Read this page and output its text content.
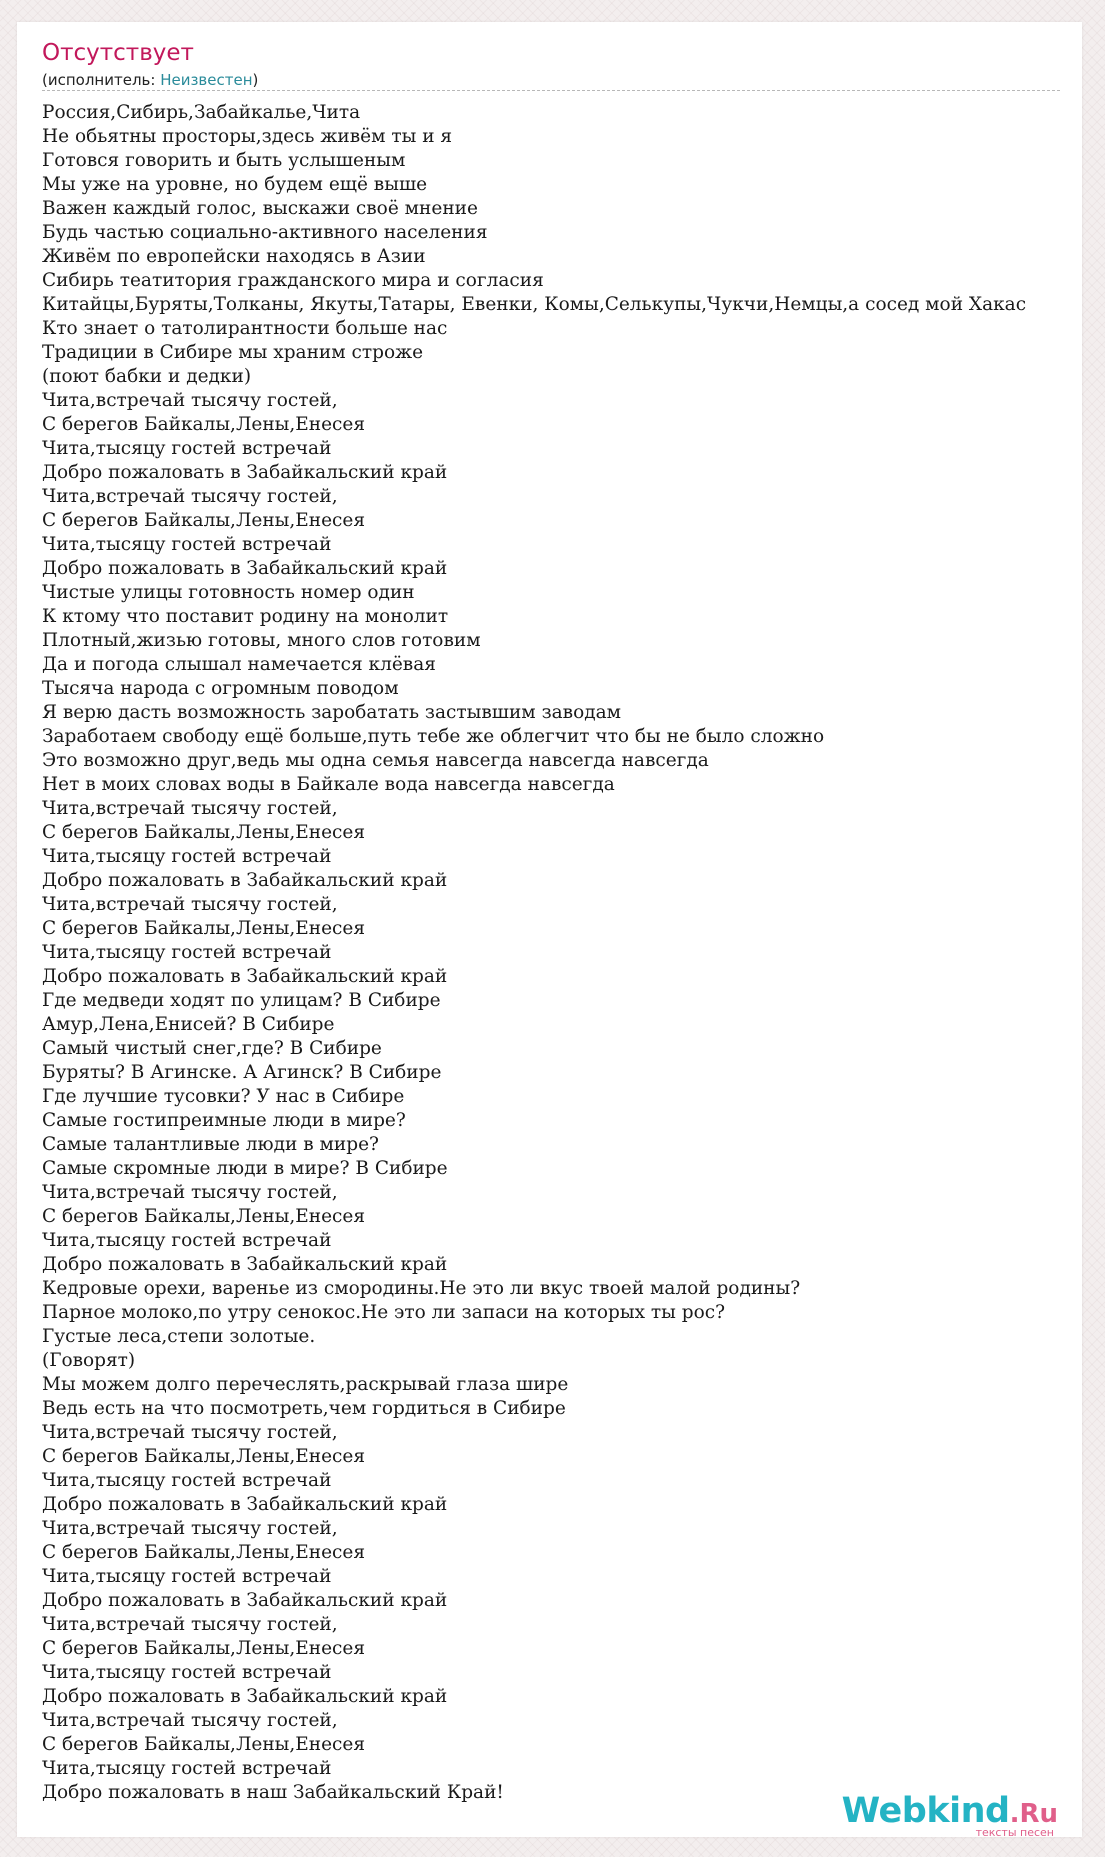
Отсутствует
(исполнитель: Неизвестен)
Россия,Сибирь,Забайкалье,Чита
Не обьятны просторы,здесь живём ты и я
Готовся говорить и быть услышеным
Мы уже на уровне, но будем ещё выше
Важен каждый голос, выскажи своё мнение
Будь частью социально-активного населения
Живём по европейски находясь в Азии
Сибирь театитория гражданского мира и согласия
Китайцы,Буряты,Толканы, Якуты,Татары, Евенки, Комы,Селькупы,Чукчи,Немцы,а сосед мой Хакас
Кто знает о татолирантности больше нас
Традиции в Сибире мы храним строже
(поют бабки и дедки)
Чита,встречай тысячу гостей,
С берегов Байкалы,Лены,Енесея
Чита,тысяцу гостей встречай
Добро пожаловать в Забайкальский край
Чита,встречай тысячу гостей,
С берегов Байкалы,Лены,Енесея
Чита,тысяцу гостей встречай
Добро пожаловать в Забайкальский край
Чистые улицы готовность номер один
К ктому что поставит родину на монолит
Плотный,жизью готовы, много слов готовим
Да и погода слышал намечается клёвая
Тысяча народа с огромным поводом
Я верю дасть возможность заробатать застывшим заводам
Заработаем свободу ещё больше,путь тебе же облегчит что бы не было сложно
Это возможно друг,ведь мы одна семья навсегда навсегда навсегда
Нет в моих словах воды в Байкале вода навсегда навсегда
Чита,встречай тысячу гостей,
С берегов Байкалы,Лены,Енесея
Чита,тысяцу гостей встречай
Добро пожаловать в Забайкальский край
Чита,встречай тысячу гостей,
С берегов Байкалы,Лены,Енесея
Чита,тысяцу гостей встречай
Добро пожаловать в Забайкальский край
Где медведи ходят по улицам? В Сибире
Амур,Лена,Енисей? В Сибире
Самый чистый снег,где? В Сибире
Буряты? В Агинске. А Агинск? В Сибире
Где лучшие тусовки? У нас в Сибире
Самые гостипреимные люди в мире?
Самые талантливые люди в мире?
Самые скромные люди в мире? В Сибире
Чита,встречай тысячу гостей,
С берегов Байкалы,Лены,Енесея
Чита,тысяцу гостей встречай
Добро пожаловать в Забайкальский край
Кедровые орехи, варенье из смородины.Не это ли вкус твоей малой родины?
Парное молоко,по утру сенокос.Не это ли запаси на которых ты рос?
Густые леса,степи золотые.
(Говорят)
Мы можем долго перечеслять,раскрывай глаза шире
Ведь есть на что посмотреть,чем гордиться в Сибире
Чита,встречай тысячу гостей,
С берегов Байкалы,Лены,Енесея
Чита,тысяцу гостей встречай
Добро пожаловать в Забайкальский край
Чита,встречай тысячу гостей,
С берегов Байкалы,Лены,Енесея
Чита,тысяцу гостей встречай
Добро пожаловать в Забайкальский край
Чита,встречай тысячу гостей,
С берегов Байкалы,Лены,Енесея
Чита,тысяцу гостей встречай
Добро пожаловать в Забайкальский край
Чита,встречай тысячу гостей,
С берегов Байкалы,Лены,Енесея
Чита,тысяцу гостей встречай
Добро пожаловать в наш Забайкальский Край!	Webkind.Ru
тексты песен
